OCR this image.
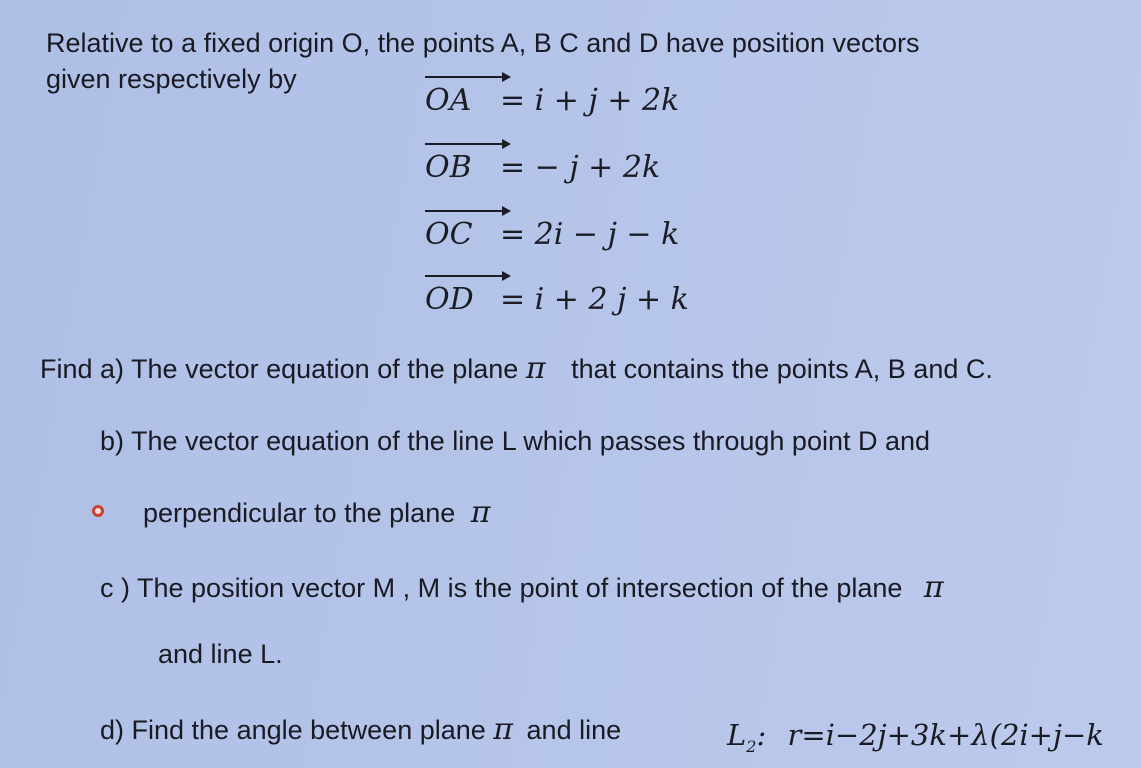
Relative to a fixed origin O, the points A, B C and D have position vectors
given respectively by
OA = i + j + 2k
OB = − j + 2k
OC = 2i − j − k
OD = i + 2 j + k
Find a) The vector equation of the plane π that contains the points A, B and C.
b) The vector equation of the line L which passes through point D and
perpendicular to the plane π
c ) The position vector M , M is the point of intersection of the plane π
and line L.
d) Find the angle between plane π and line	$L_2$: r=i−2j+3k+λ(2i+j−k
